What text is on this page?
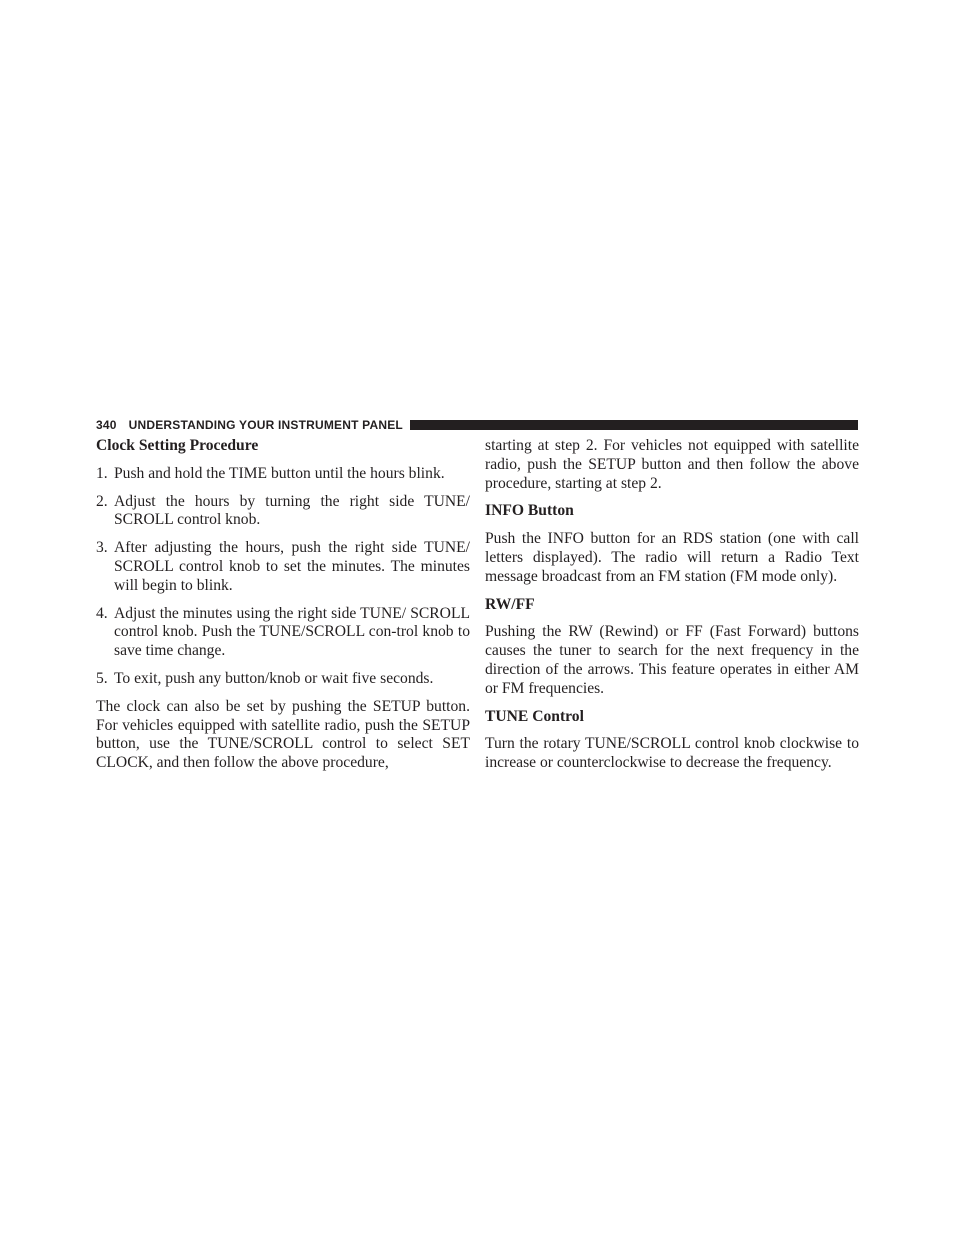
340 UNDERSTANDING YOUR INSTRUMENT PANEL
Clock Setting Procedure
1. Push and hold the TIME button until the hours blink.
2. Adjust the hours by turning the right side TUNE/ SCROLL control knob.
3. After adjusting the hours, push the right side TUNE/ SCROLL control knob to set the minutes. The minutes will begin to blink.
4. Adjust the minutes using the right side TUNE/ SCROLL control knob. Push the TUNE/SCROLL con-trol knob to save time change.
5. To exit, push any button/knob or wait five seconds.

The clock can also be set by pushing the SETUP button. For vehicles equipped with satellite radio, push the SETUP button, use the TUNE/SCROLL control to select SET CLOCK, and then follow the above procedure,

starting at step 2. For vehicles not equipped with satellite radio, push the SETUP button and then follow the above procedure, starting at step 2.

INFO Button

Push the INFO button for an RDS station (one with call letters displayed). The radio will return a Radio Text message broadcast from an FM station (FM mode only).

RW/FF

Pushing the RW (Rewind) or FF (Fast Forward) buttons causes the tuner to search for the next frequency in the direction of the arrows. This feature operates in either AM or FM frequencies.

TUNE Control

Turn the rotary TUNE/SCROLL control knob clockwise to increase or counterclockwise to decrease the frequency.
